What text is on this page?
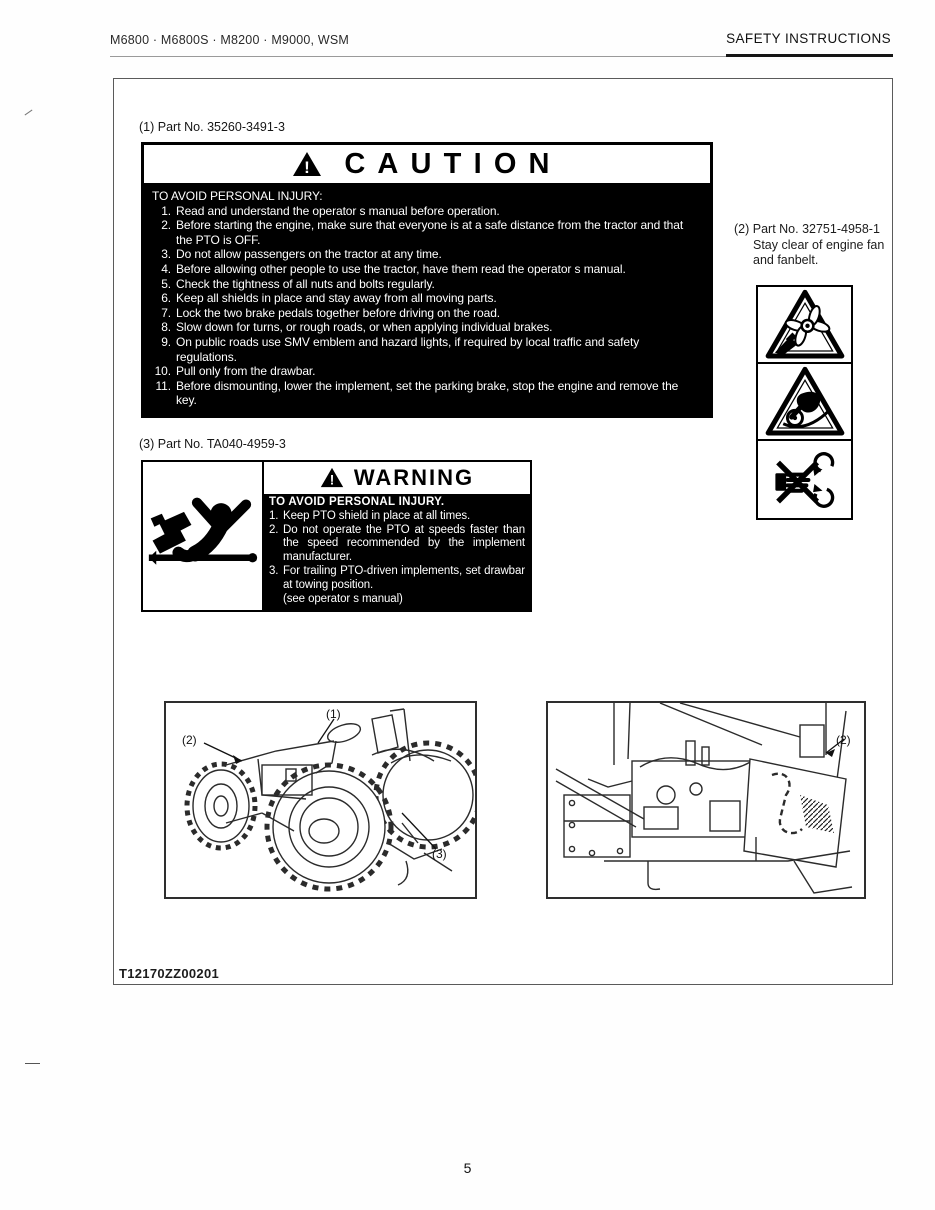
M6800 · M6800S · M8200 · M9000, WSM	SAFETY INSTRUCTIONS
(1) Part No. 35260-3491-3
! CAUTION
TO AVOID PERSONAL INJURY:
1. Read and understand the operator s manual before operation.
2. Before starting the engine, make sure that everyone is at a safe distance from the tractor and that the PTO is OFF.
3. Do not allow passengers on the tractor at any time.
4. Before allowing other people to use the tractor, have them read the operator s manual.
5. Check the tightness of all nuts and bolts regularly.
6. Keep all shields in place and stay away from all moving parts.
7. Lock the two brake pedals together before driving on the road.
8. Slow down for turns, or rough roads, or when applying individual brakes.
9. On public roads use SMV emblem and hazard lights, if required by local traffic and safety regulations.
10. Pull only from the drawbar.
11. Before dismounting, lower the implement, set the parking brake, stop the engine and remove the key.
(2) Part No. 32751-4958-1
Stay clear of engine fan
and fanbelt.
(3) Part No. TA040-4959-3
! WARNING
TO AVOID PERSONAL INJURY.
1. Keep PTO shield in place at all times.
2. Do not operate the PTO at speeds faster than the speed recommended by the implement manufacturer.
3. For trailing PTO-driven implements, set drawbar at towing position.
(see operator s manual)
(1)
(2)
(3)
(2)
T12170ZZ00201
5
